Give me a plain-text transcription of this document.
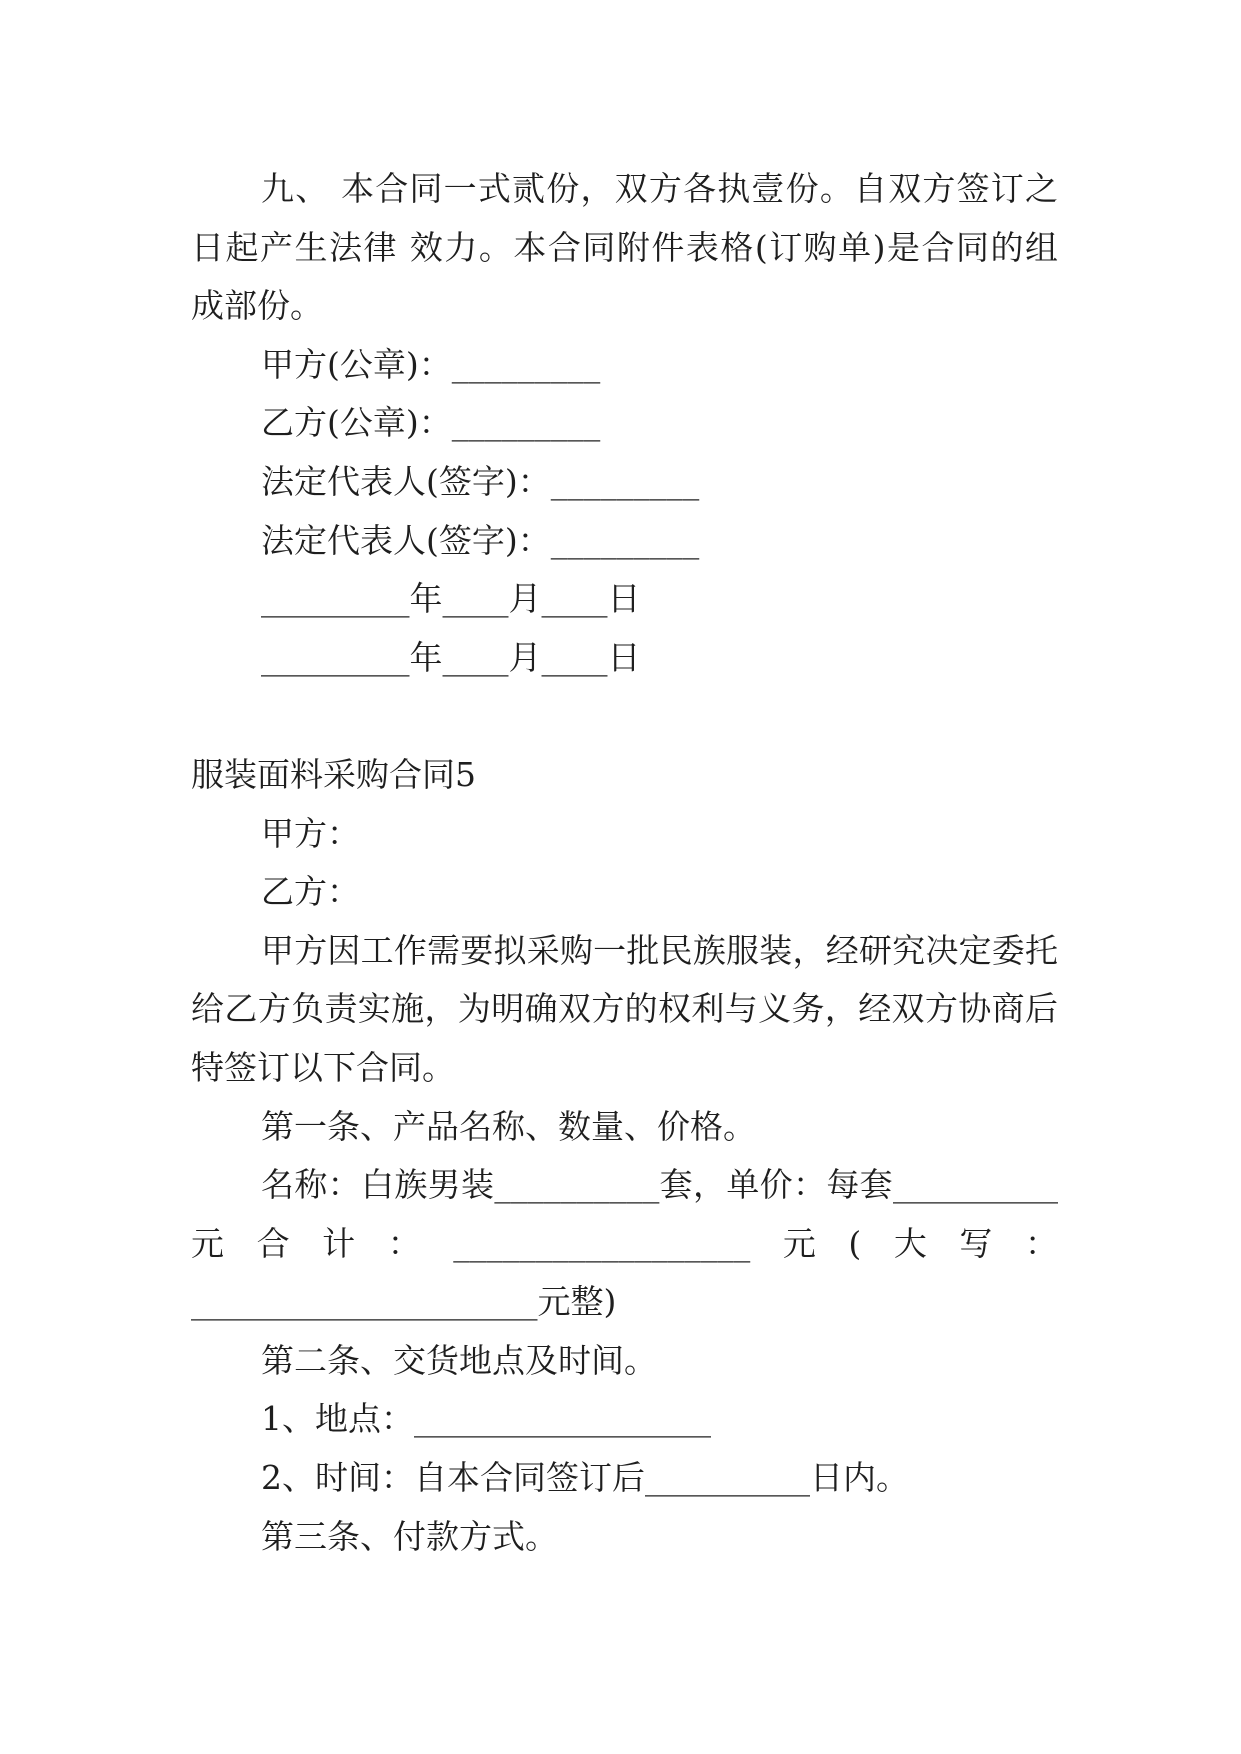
九、 本合同一式贰份，双方各执壹份。自双方签订之
日起产生法律 效力。本合同附件表格(订购单)是合同的组
成部份。
甲方(公章)：_________
乙方(公章)：_________
法定代表人(签字)：_________
法定代表人(签字)：_________
_________年____月____日
_________年____月____日
服装面料采购合同5
甲方：
乙方：
甲方因工作需要拟采购一批民族服装，经研究决定委托
给乙方负责实施，为明确双方的权利与义务，经双方协商后
特签订以下合同。
第一条、产品名称、数量、价格。
名称：白族男装__________套，单价：每套__________
元合计：__________________元(大写：
_____________________元整)
第二条、交货地点及时间。
1、地点：__________________
2、时间：自本合同签订后__________日内。
第三条、付款方式。
